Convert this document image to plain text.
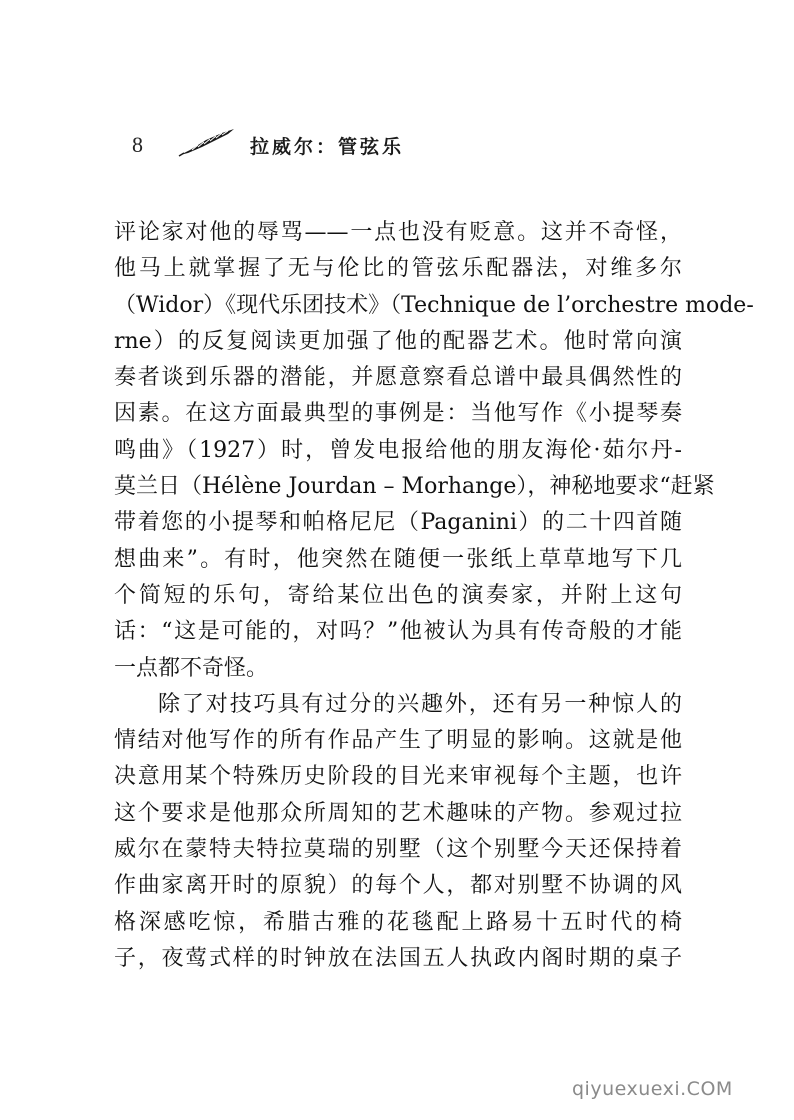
8	拉威尔：管弦乐
评论家对他的辱骂——一点也没有贬意。这并不奇怪，
他马上就掌握了无与伦比的管弦乐配器法，对维多尔
（Widor）《现代乐团技术》（Technique de l’orchestre mode-
rne）的反复阅读更加强了他的配器艺术。他时常向演
奏者谈到乐器的潜能，并愿意察看总谱中最具偶然性的
因素。在这方面最典型的事例是：当他写作《小提琴奏
鸣曲》（1927）时，曾发电报给他的朋友海伦·茹尔丹-
莫兰日（Hélène Jourdan – Morhange），神秘地要求“赶紧
带着您的小提琴和帕格尼尼（Paganini）的二十四首随
想曲来”。有时，他突然在随便一张纸上草草地写下几
个简短的乐句，寄给某位出色的演奏家，并附上这句
话：“这是可能的，对吗？”他被认为具有传奇般的才能
一点都不奇怪。
除了对技巧具有过分的兴趣外，还有另一种惊人的
情结对他写作的所有作品产生了明显的影响。这就是他
决意用某个特殊历史阶段的目光来审视每个主题，也许
这个要求是他那众所周知的艺术趣味的产物。参观过拉
威尔在蒙特夫特拉莫瑞的别墅（这个别墅今天还保持着
作曲家离开时的原貌）的每个人，都对别墅不协调的风
格深感吃惊，希腊古雅的花毯配上路易十五时代的椅
子，夜莺式样的时钟放在法国五人执政内阁时期的桌子
qiyuexuexi.COM
